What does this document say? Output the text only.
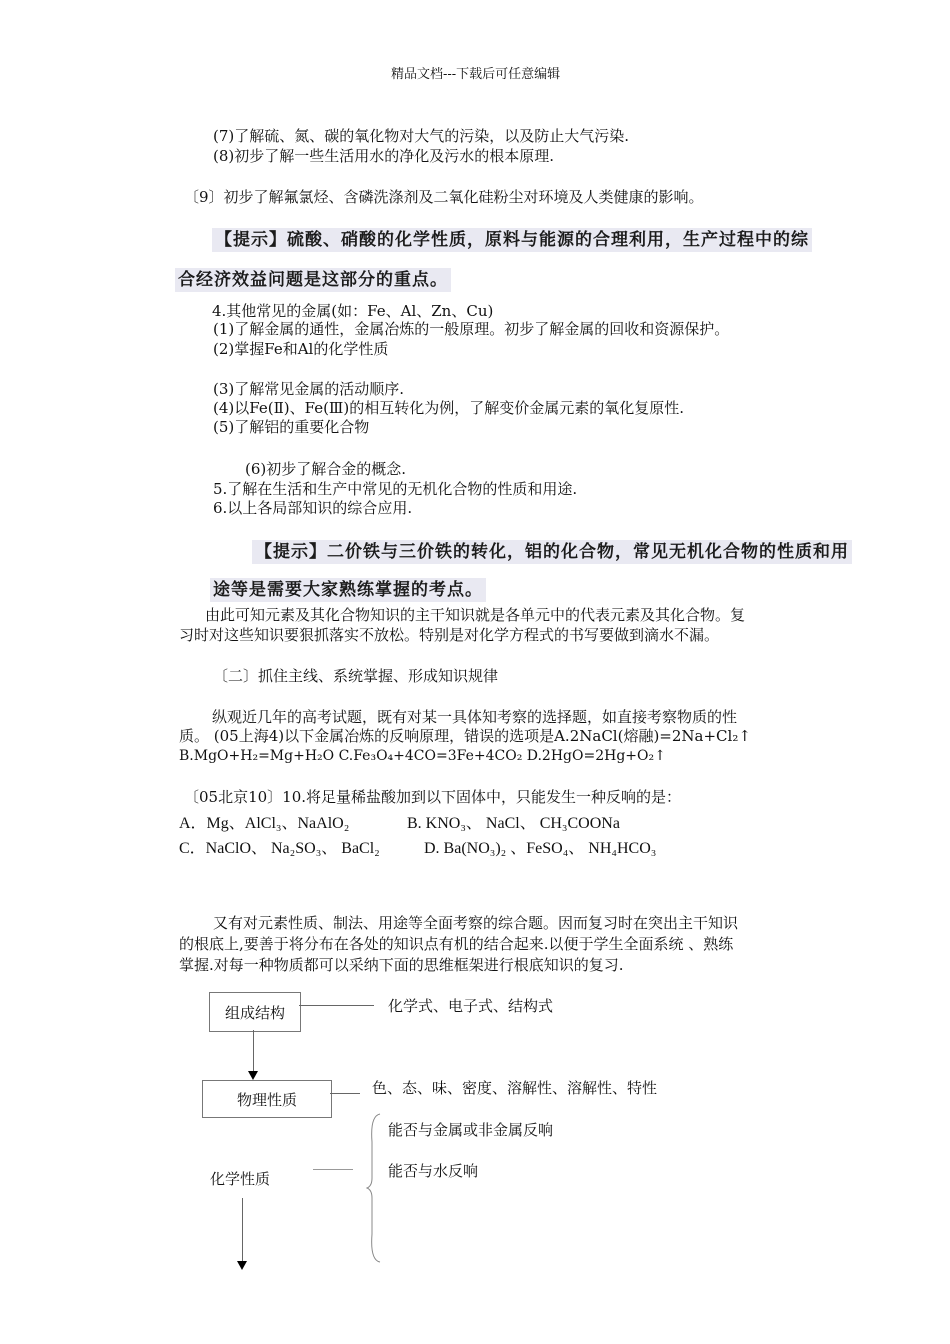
精品文档---下载后可任意编辑
(7)了解硫、氮、碳的氧化物对大气的污染，以及防止大气污染.
(8)初步了解一些生活用水的净化及污水的根本原理.
〔9〕初步了解氟氯烃、含磷洗涤剂及二氧化硅粉尘对环境及人类健康的影响。
【提示】硫酸、硝酸的化学性质，原料与能源的合理利用，生产过程中的综
合经济效益问题是这部分的重点。
4.其他常见的金属(如：Fe、Al、Zn、Cu)
(1)了解金属的通性，金属冶炼的一般原理。初步了解金属的回收和资源保护。
(2)掌握Fe和Al的化学性质
(3)了解常见金属的活动顺序.
(4)以Fe(Ⅱ)、Fe(Ⅲ)的相互转化为例，了解变价金属元素的氧化复原性.
(5)了解铝的重要化合物
(6)初步了解合金的概念.
5.了解在生活和生产中常见的无机化合物的性质和用途.
6.以上各局部知识的综合应用.
【提示】二价铁与三价铁的转化，铝的化合物，常见无机化合物的性质和用
途等是需要大家熟练掌握的考点。
由此可知元素及其化合物知识的主干知识就是各单元中的代表元素及其化合物。复
习时对这些知识要狠抓落实不放松。特别是对化学方程式的书写要做到滴水不漏。
〔二〕抓住主线、系统掌握、形成知识规律
纵观近几年的高考试题，既有对某一具体知考察的选择题，如直接考察物质的性
质。 (05上海4)以下金属冶炼的反响原理，错误的选项是A.2NaCl(熔融)=2Na+Cl₂↑
B.MgO+H₂=Mg+H₂O C.Fe₃O₄+4CO=3Fe+4CO₂ D.2HgO=2Hg+O₂↑
〔05北京10〕10.将足量稀盐酸加到以下固体中，只能发生一种反响的是：
A．Mg、AlCl₃、NaAlO₂	B. KNO₃、 NaCl、 CH₃COONa
C．NaClO、 Na₂SO₃、 BaCl₂	D. Ba(NO₃)₂ 、FeSO₄、 NH₄HCO₃
又有对元素性质、制法、用途等全面考察的综合题。因而复习时在突出主干知识
的根底上,要善于将分布在各处的知识点有机的结合起来.以便于学生全面系统 、熟练
掌握.对每一种物质都可以采纳下面的思维框架进行根底知识的复习.
组成结构	化学式、电子式、结构式
物理性质
色、态、味、密度、溶解性、溶解性、特性
化学性质
能否与金属或非金属反响
能否与水反响
